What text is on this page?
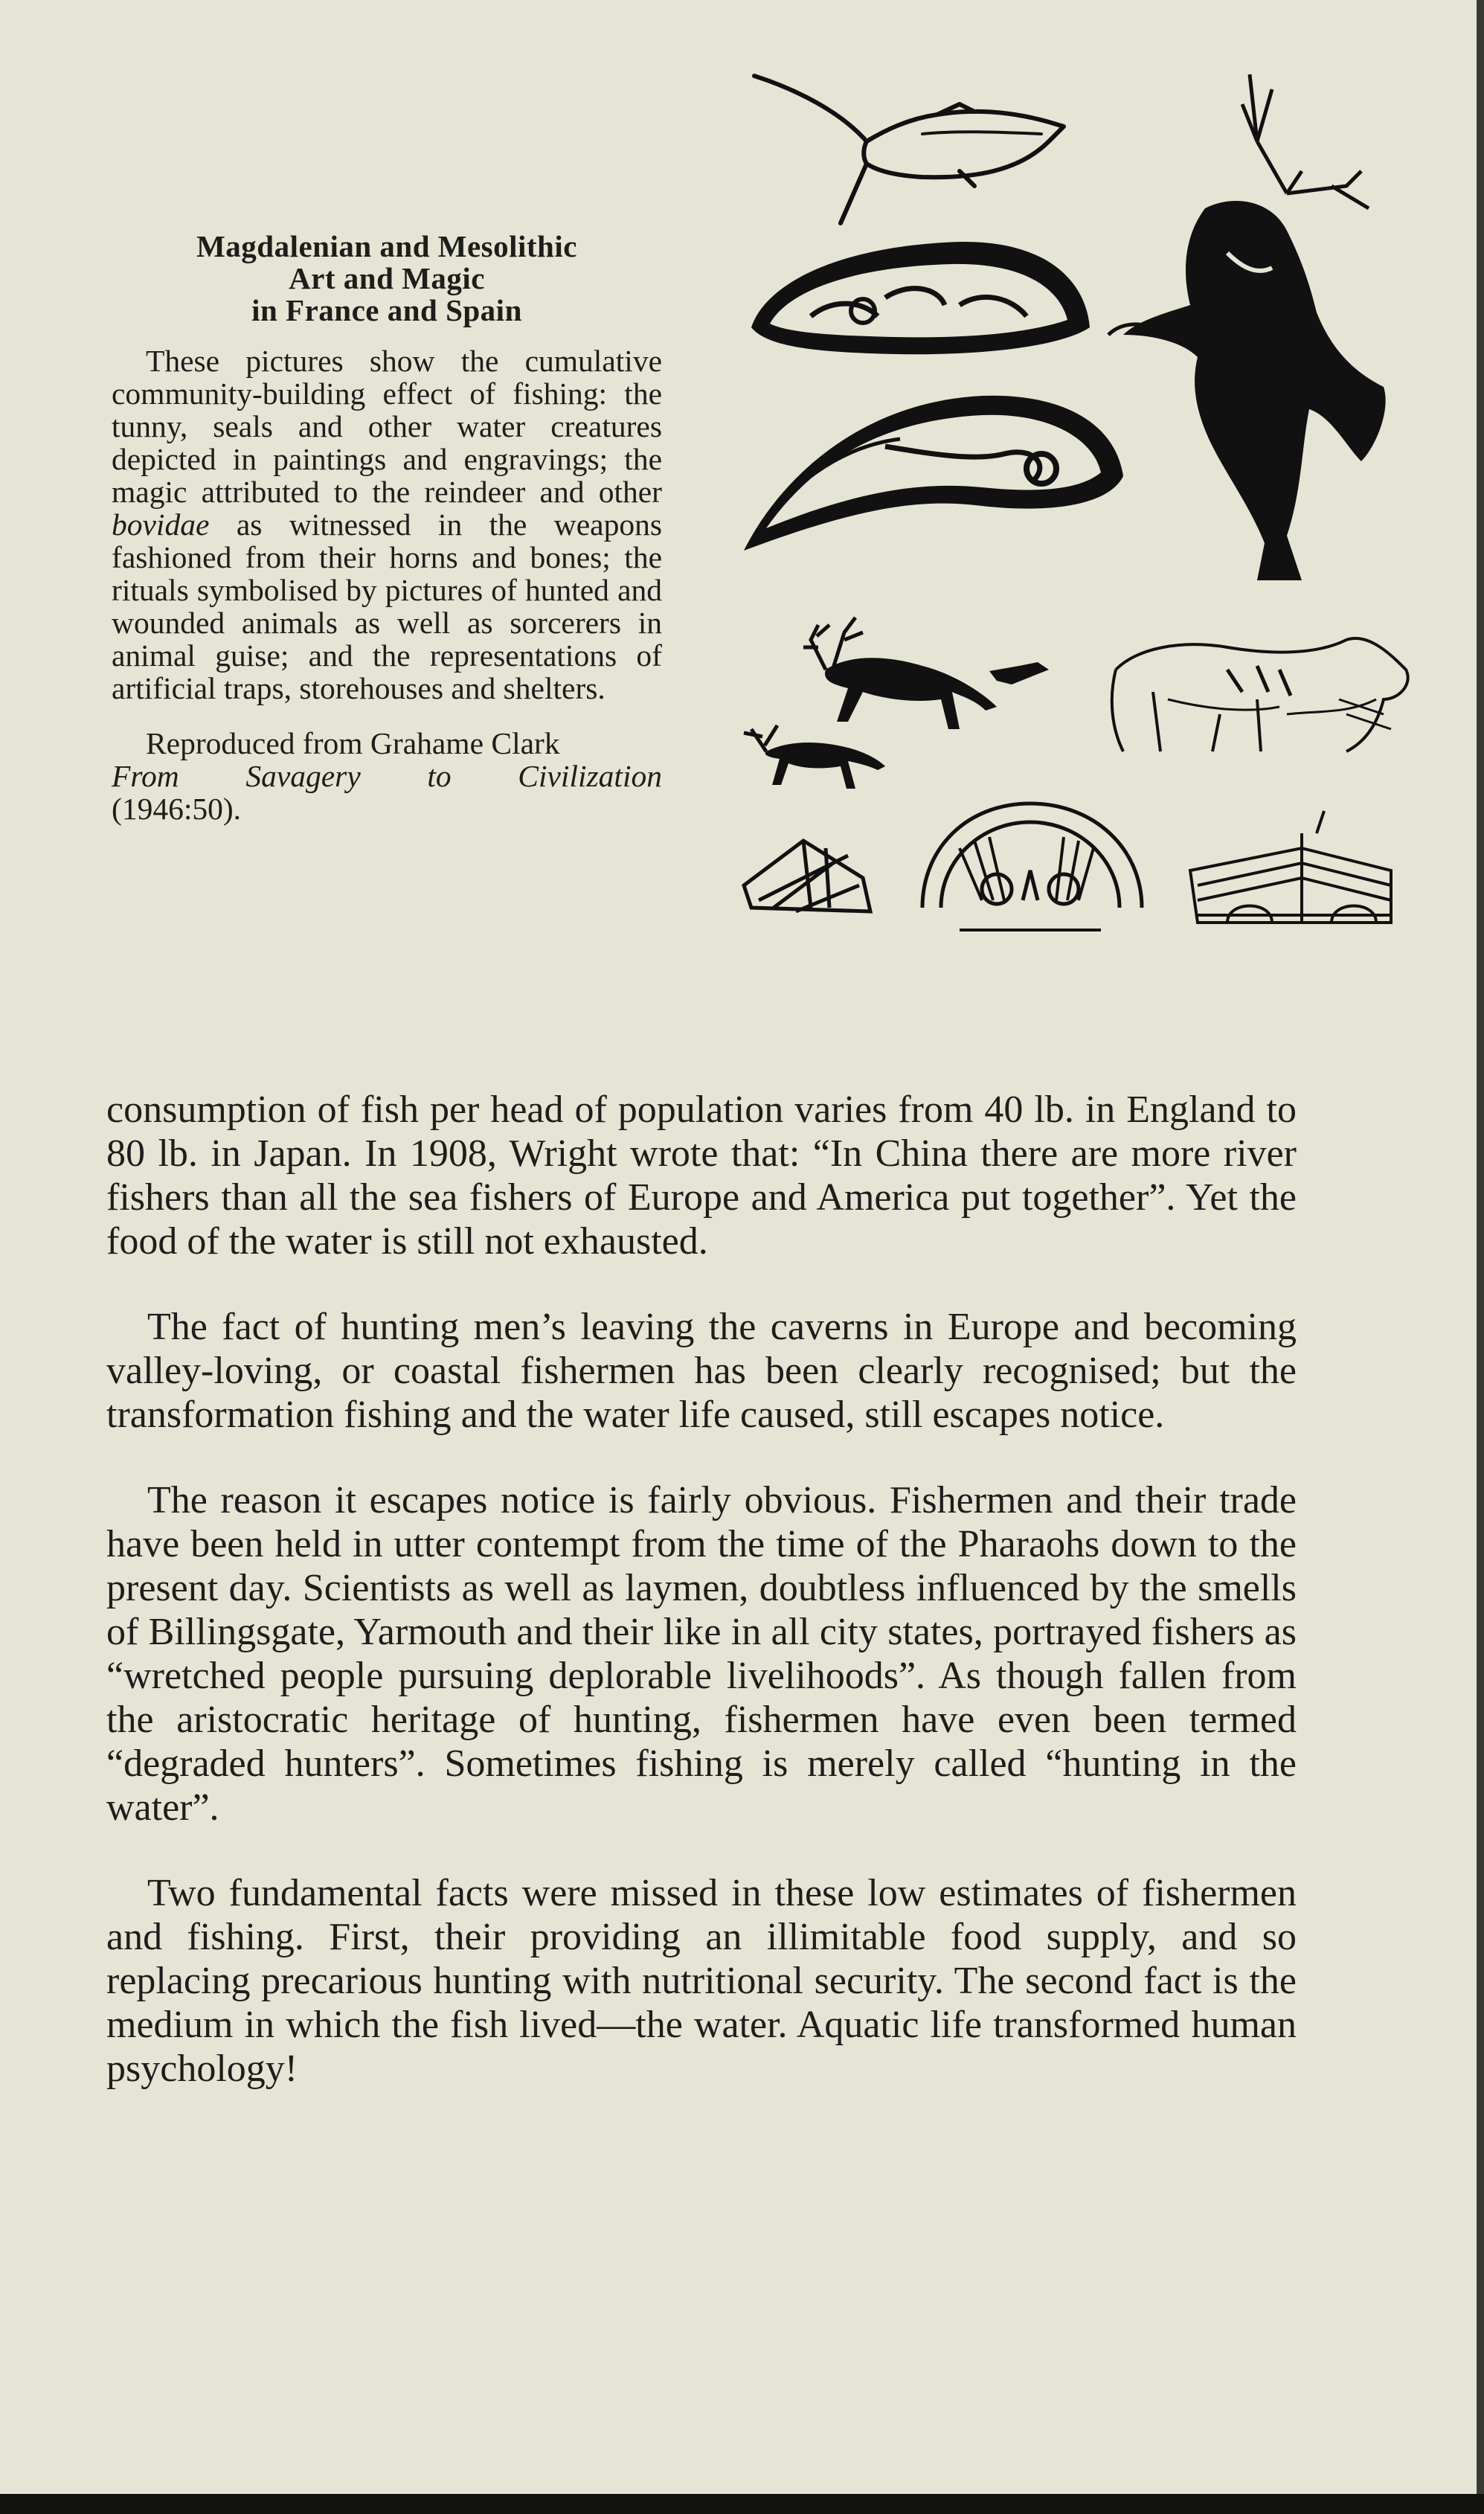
Magdalenian and Mesolithic

Art and Magic

in France and Spain

These pictures show the cumulative community-building effect of fishing: the tunny, seals and other water creatures depicted in paintings and engravings; the magic attributed to the reindeer and other bovidae as witnessed in the weapons fashioned from their horns and bones; the rituals symbolised by pictures of hunted and wounded animals as well as sorcerers in animal guise; and the representations of artificial traps, storehouses and shelters.

Reproduced from Grahame Clark
From Savagery to Civilization
(1946:50).

consumption of fish per head of population varies from 40 lb. in England to 80 lb. in Japan. In 1908, Wright wrote that: “In China there are more river fishers than all the sea fishers of Europe and America put together”. Yet the food of the water is still not exhausted.

The fact of hunting men’s leaving the caverns in Europe and becoming valley-loving, or coastal fishermen has been clearly recognised; but the transformation fishing and the water life caused, still escapes notice.

The reason it escapes notice is fairly obvious. Fishermen and their trade have been held in utter contempt from the time of the Pharaohs down to the present day. Scientists as well as laymen, doubtless influenced by the smells of Billingsgate, Yarmouth and their like in all city states, portrayed fishers as “wretched people pursuing deplorable livelihoods”. As though fallen from the aristocratic heritage of hunting, fishermen have even been termed “degraded hunters”. Sometimes fishing is merely called “hunting in the water”.

Two fundamental facts were missed in these low estimates of fishermen and fishing. First, their providing an illimitable food supply, and so replacing precarious hunting with nutritional security. The second fact is the medium in which the fish lived—the water. Aquatic life transformed human psychology!
